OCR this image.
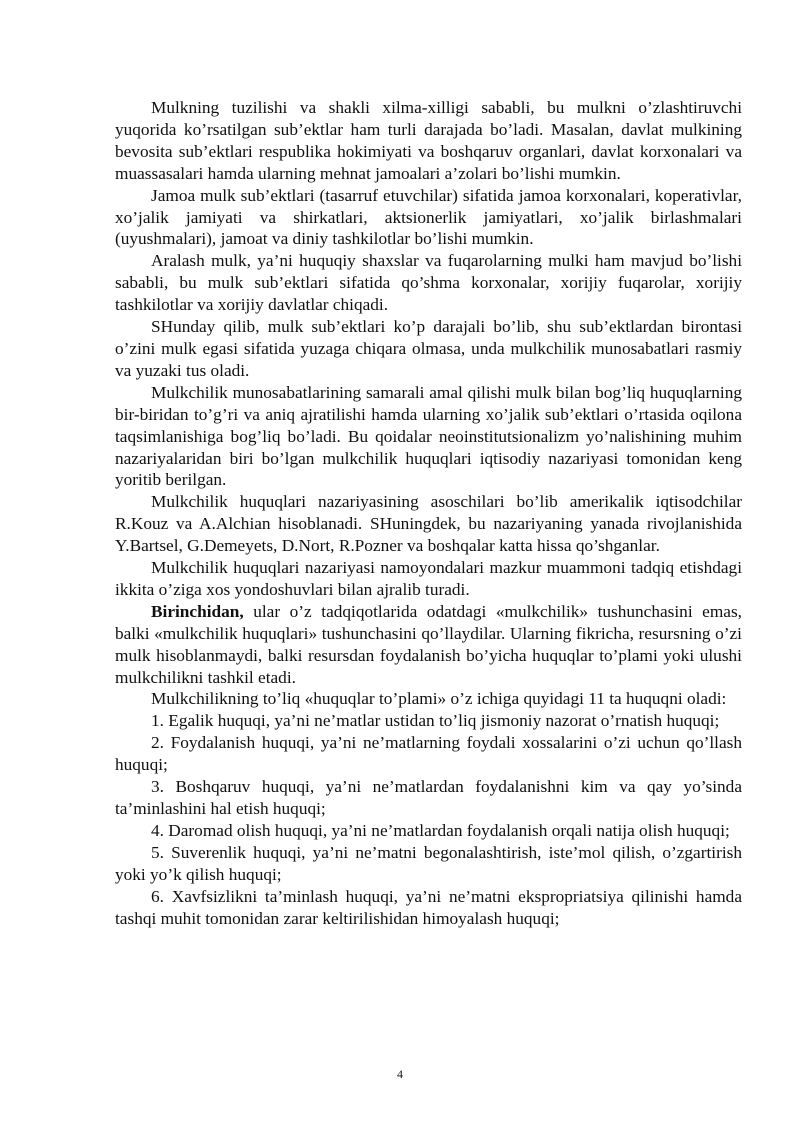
Mulkning tuzilishi va shakli xilma-xilligi sababli, bu mulkni o’zlashtiruvchi yuqorida ko’rsatilgan sub’ektlar ham turli darajada bo’ladi. Masalan, davlat mulkining bevosita sub’ektlari respublika hokimiyati va boshqaruv organlari, davlat korxonalari va muassasalari hamda ularning mehnat jamoalari a’zolari bo’lishi mumkin.

Jamoa mulk sub’ektlari (tasarruf etuvchilar) sifatida jamoa korxonalari, koperativlar, xo’jalik jamiyati va shirkatlari, aktsionerlik jamiyatlari, xo’jalik birlashmalari (uyushmalari), jamoat va diniy tashkilotlar bo’lishi mumkin.

Aralash mulk, ya’ni huquqiy shaxslar va fuqarolarning mulki ham mavjud bo’lishi sababli, bu mulk sub’ektlari sifatida qo’shma korxonalar, xorijiy fuqarolar, xorijiy tashkilotlar va xorijiy davlatlar chiqadi.

SHunday qilib, mulk sub’ektlari ko’p darajali bo’lib, shu sub’ektlardan birontasi o’zini mulk egasi sifatida yuzaga chiqara olmasa, unda mulkchilik munosabatlari rasmiy va yuzaki tus oladi.

Mulkchilik munosabatlarining samarali amal qilishi mulk bilan bog’liq huquqlarning bir-biridan to’g’ri va aniq ajratilishi hamda ularning xo’jalik sub’ektlari o’rtasida oqilona taqsimlanishiga bog’liq bo’ladi. Bu qoidalar neoinstitutsionalizm yo’nalishining muhim nazariyalaridan biri bo’lgan mulkchilik huquqlari iqtisodiy nazariyasi tomonidan keng yoritib berilgan.

Mulkchilik huquqlari nazariyasining asoschilari bo’lib amerikalik iqtisodchilar R.Kouz va A.Alchian hisoblanadi. SHuningdek, bu nazariyaning yanada rivojlanishida Y.Bartsel, G.Demeyets, D.Nort, R.Pozner va boshqalar katta hissa qo’shganlar.

Mulkchilik huquqlari nazariyasi namoyondalari mazkur muammoni tadqiq etishdagi ikkita o’ziga xos yondoshuvlari bilan ajralib turadi.

Birinchidan, ular o’z tadqiqotlarida odatdagi «mulkchilik» tushunchasini emas, balki «mulkchilik huquqlari» tushunchasini qo’llaydilar. Ularning fikricha, resursning o’zi mulk hisoblanmaydi, balki resursdan foydalanish bo’yicha huquqlar to’plami yoki ulushi mulkchilikni tashkil etadi.

Mulkchilikning to’liq «huquqlar to’plami» o’z ichiga quyidagi 11 ta huquqni oladi:

1. Egalik huquqi, ya’ni ne’matlar ustidan to’liq jismoniy nazorat o’rnatish huquqi;

2. Foydalanish huquqi, ya’ni ne’matlarning foydali xossalarini o’zi uchun qo’llash huquqi;

3. Boshqaruv huquqi, ya’ni ne’matlardan foydalanishni kim va qay yo’sinda ta’minlashini hal etish huquqi;

4. Daromad olish huquqi, ya’ni ne’matlardan foydalanish orqali natija olish huquqi;

5. Suverenlik huquqi, ya’ni ne’matni begonalashtirish, iste’mol qilish, o’zgartirish yoki yo’k qilish huquqi;

6. Xavfsizlikni ta’minlash huquqi, ya’ni ne’matni ekspropriatsiya qilinishi hamda tashqi muhit tomonidan zarar keltirilishidan himoyalash huquqi;

4
